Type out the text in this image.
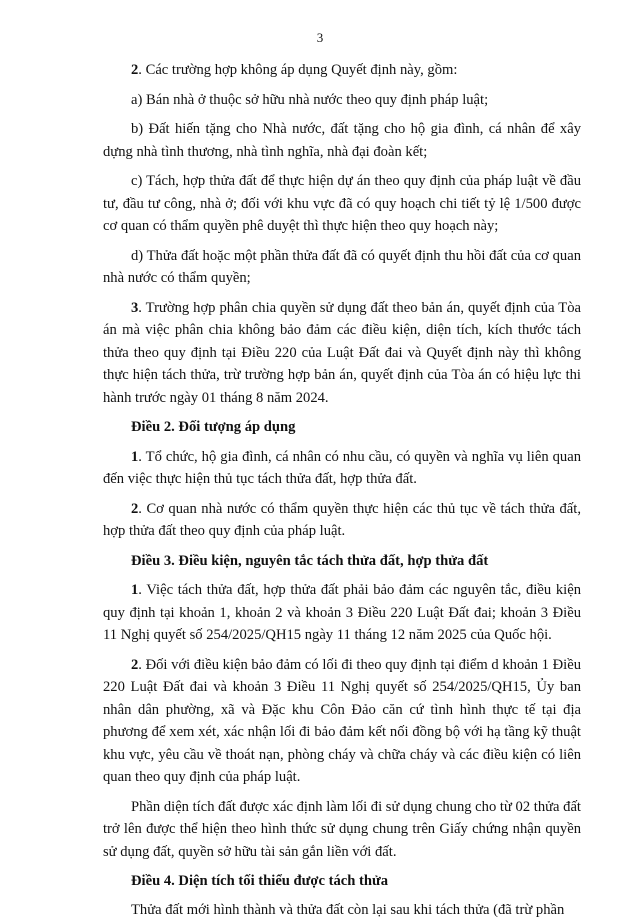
3

2. Các trường hợp không áp dụng Quyết định này, gồm:

a) Bán nhà ở thuộc sở hữu nhà nước theo quy định pháp luật;

b) Đất hiến tặng cho Nhà nước, đất tặng cho hộ gia đình, cá nhân để xây dựng nhà tình thương, nhà tình nghĩa, nhà đại đoàn kết;

c) Tách, hợp thửa đất để thực hiện dự án theo quy định của pháp luật về đầu tư, đầu tư công, nhà ở; đối với khu vực đã có quy hoạch chi tiết tỷ lệ 1/500 được cơ quan có thẩm quyền phê duyệt thì thực hiện theo quy hoạch này;

d) Thửa đất hoặc một phần thửa đất đã có quyết định thu hồi đất của cơ quan nhà nước có thẩm quyền;

3. Trường hợp phân chia quyền sử dụng đất theo bản án, quyết định của Tòa án mà việc phân chia không bảo đảm các điều kiện, diện tích, kích thước tách thửa theo quy định tại Điều 220 của Luật Đất đai và Quyết định này thì không thực hiện tách thửa, trừ trường hợp bản án, quyết định của Tòa án có hiệu lực thi hành trước ngày 01 tháng 8 năm 2024.

Điều 2. Đối tượng áp dụng

1. Tổ chức, hộ gia đình, cá nhân có nhu cầu, có quyền và nghĩa vụ liên quan đến việc thực hiện thủ tục tách thửa đất, hợp thửa đất.

2. Cơ quan nhà nước có thẩm quyền thực hiện các thủ tục về tách thửa đất, hợp thửa đất theo quy định của pháp luật.

Điều 3. Điều kiện, nguyên tắc tách thửa đất, hợp thửa đất

1. Việc tách thửa đất, hợp thửa đất phải bảo đảm các nguyên tắc, điều kiện quy định tại khoản 1, khoản 2 và khoản 3 Điều 220 Luật Đất đai; khoản 3 Điều 11 Nghị quyết số 254/2025/QH15 ngày 11 tháng 12 năm 2025 của Quốc hội.

2. Đối với điều kiện bảo đảm có lối đi theo quy định tại điểm d khoản 1 Điều 220 Luật Đất đai và khoản 3 Điều 11 Nghị quyết số 254/2025/QH15, Ủy ban nhân dân phường, xã và Đặc khu Côn Đảo căn cứ tình hình thực tế tại địa phương để xem xét, xác nhận lối đi bảo đảm kết nối đồng bộ với hạ tầng kỹ thuật khu vực, yêu cầu về thoát nạn, phòng cháy và chữa cháy và các điều kiện có liên quan theo quy định của pháp luật.

Phần diện tích đất được xác định làm lối đi sử dụng chung cho từ 02 thửa đất trở lên được thể hiện theo hình thức sử dụng chung trên Giấy chứng nhận quyền sử dụng đất, quyền sở hữu tài sản gắn liền với đất.

Điều 4. Diện tích tối thiểu được tách thửa

Thửa đất mới hình thành và thửa đất còn lại sau khi tách thửa (đã trừ phần
